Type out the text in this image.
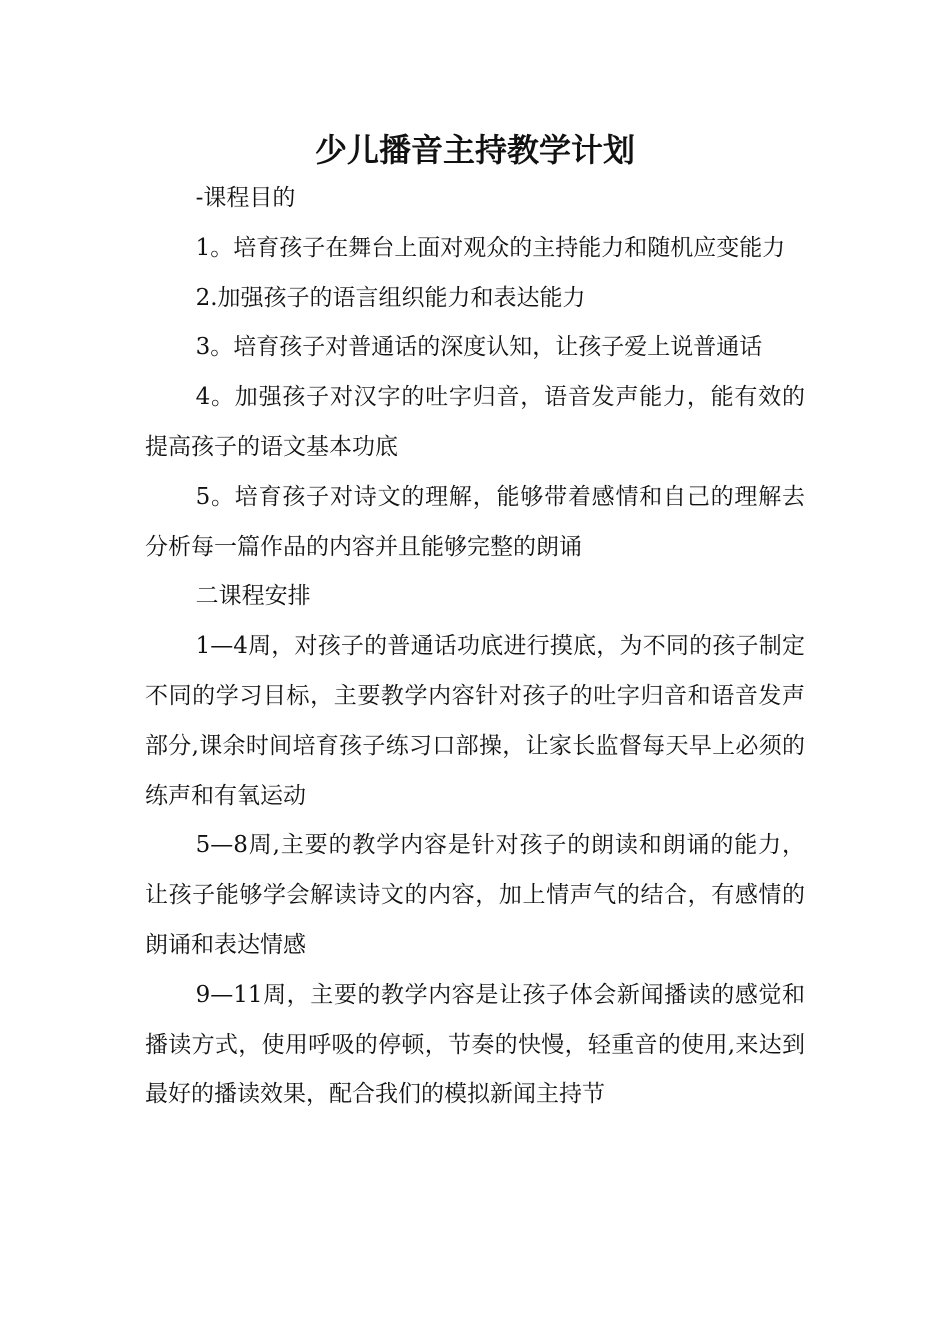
少儿播音主持教学计划

-课程目的

1。培育孩子在舞台上面对观众的主持能力和随机应变能力

2.加强孩子的语言组织能力和表达能力

3。培育孩子对普通话的深度认知，让孩子爱上说普通话

4。加强孩子对汉字的吐字归音，语音发声能力，能有效的提高孩子的语文基本功底

5。培育孩子对诗文的理解，能够带着感情和自己的理解去分析每一篇作品的内容并且能够完整的朗诵

二课程安排

1—4周，对孩子的普通话功底进行摸底，为不同的孩子制定不同的学习目标，主要教学内容针对孩子的吐字归音和语音发声部分,课余时间培育孩子练习口部操，让家长监督每天早上必须的练声和有氧运动

5—8周,主要的教学内容是针对孩子的朗读和朗诵的能力，让孩子能够学会解读诗文的内容，加上情声气的结合，有感情的朗诵和表达情感

9—11周，主要的教学内容是让孩子体会新闻播读的感觉和播读方式，使用呼吸的停顿，节奏的快慢，轻重音的使用,来达到最好的播读效果，配合我们的模拟新闻主持节
